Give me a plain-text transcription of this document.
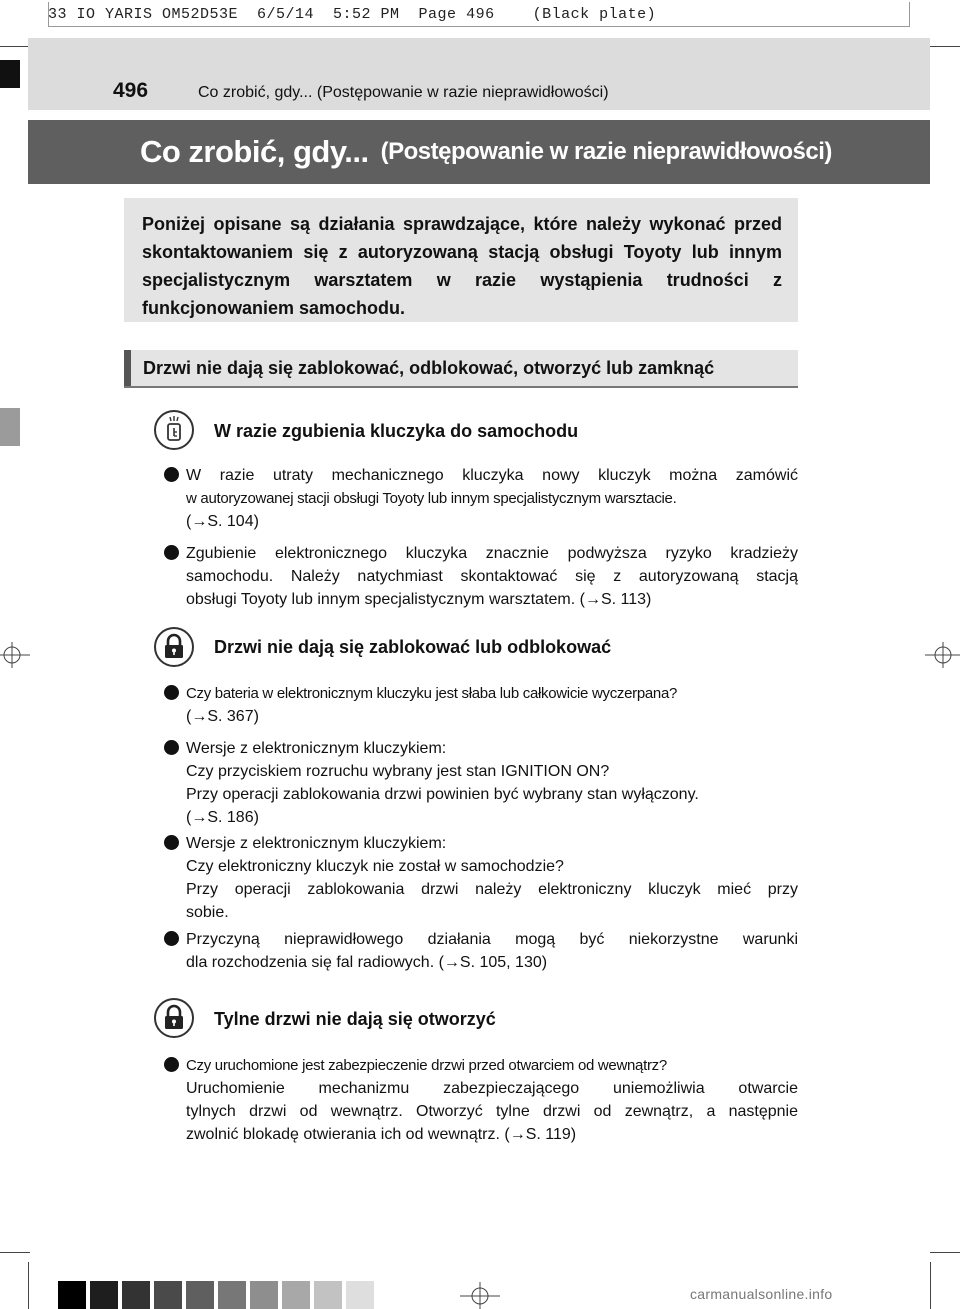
33 IO YARIS OM52D53E  6/5/14  5:52 PM  Page 496    (Black plate)
496	Co zrobić, gdy... (Postępowanie w razie nieprawidłowości)
Co zrobić, gdy... (Postępowanie w razie nieprawidłowości)
Poniżej opisane są działania sprawdzające, które należy wykonać przed skontaktowaniem się z autoryzowaną stacją obsługi Toyoty lub innym specjalistycznym warsztatem w razie wystąpienia trudności z funkcjonowaniem samochodu.
Drzwi nie dają się zablokować, odblokować, otworzyć lub zamknąć
W razie zgubienia kluczyka do samochodu
W razie utraty mechanicznego kluczyka nowy kluczyk można zamówić
w autoryzowanej stacji obsługi Toyoty lub innym specjalistycznym warsztacie.
(→S. 104)
Zgubienie elektronicznego kluczyka znacznie podwyższa ryzyko kradzieży
samochodu. Należy natychmiast skontaktować się z autoryzowaną stacją
obsługi Toyoty lub innym specjalistycznym warsztatem. (→S. 113)
Drzwi nie dają się zablokować lub odblokować
Czy bateria w elektronicznym kluczyku jest słaba lub całkowicie wyczerpana?
(→S. 367)
Wersje z elektronicznym kluczykiem:
Czy przyciskiem rozruchu wybrany jest stan IGNITION ON?
Przy operacji zablokowania drzwi powinien być wybrany stan wyłączony.
(→S. 186)
Wersje z elektronicznym kluczykiem:
Czy elektroniczny kluczyk nie został w samochodzie?
Przy operacji zablokowania drzwi należy elektroniczny kluczyk mieć przy
sobie.
Przyczyną nieprawidłowego działania mogą być niekorzystne warunki
dla rozchodzenia się fal radiowych. (→S. 105, 130)
Tylne drzwi nie dają się otworzyć
Czy uruchomione jest zabezpieczenie drzwi przed otwarciem od wewnątrz?
Uruchomienie mechanizmu zabezpieczającego uniemożliwia otwarcie
tylnych drzwi od wewnątrz. Otworzyć tylne drzwi od zewnątrz, a następnie
zwolnić blokadę otwierania ich od wewnątrz. (→S. 119)
carmanualsonline.info
